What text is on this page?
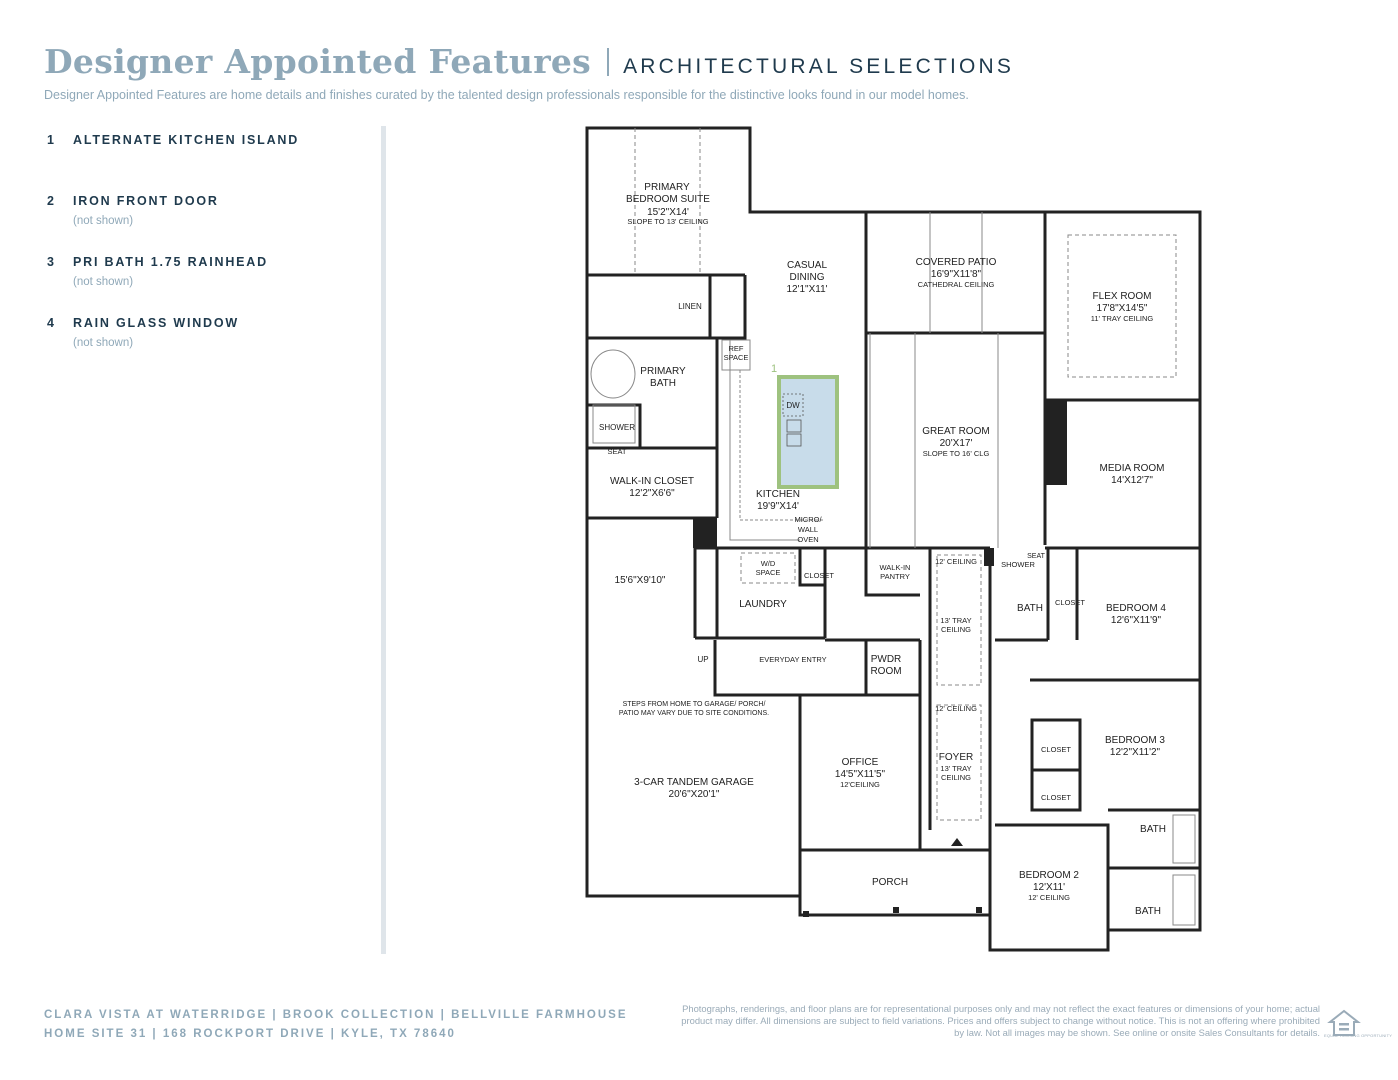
Designer Appointed Features ARCHITECTURAL SELECTIONS
Designer Appointed Features are home details and finishes curated by the talented design professionals responsible for the distinctive looks found in our model homes.
1 ALTERNATE KITCHEN ISLAND
2 IRON FRONT DOOR
(not shown)
3 PRI BATH 1.75 RAINHEAD
(not shown)
4 RAIN GLASS WINDOW
(not shown)
1
PRIMARY
BEDROOM SUITE
15'2"X14'
SLOPE TO 13' CEILING
CASUAL
DINING
12'1"X11'
COVERED PATIO
16'9"X11'8"
CATHEDRAL CEILING
FLEX ROOM
17'8"X14'5"
11' TRAY CEILING
LINEN
REF
SPACE
PRIMARY
BATH
DW
SHOWER
SEAT
GREAT ROOM
20'X17'
SLOPE TO 16' CLG
MEDIA ROOM
14'X12'7"
WALK-IN CLOSET
12'2"X6'6"	KITCHEN
19'9"X14'
MICRO/
WALL
OVEN
15'6"X9'10"
W/D
SPACE	CLOSET
WALK-IN
PANTRY
12' CEILING	SHOWER
SEAT
CLOSET
BATH	BEDROOM 4
12'6"X11'9"
LAUNDRY
13' TRAY
CEILING
UP	EVERYDAY ENTRY	PWDR
ROOM
STEPS FROM HOME TO GARAGE/ PORCH/
PATIO MAY VARY DUE TO SITE CONDITIONS.
12' CEILING
BEDROOM 3
12'2"X11'2"
CLOSET
FOYER
13' TRAY
CEILING
OFFICE
14'5"X11'5"
12'CEILING
3-CAR TANDEM GARAGE
20'6"X20'1"	CLOSET
BATH
PORCH
BEDROOM 2
12'X11'
12' CEILING
BATH
CLARA VISTA AT WATERRIDGE | BROOK COLLECTION | BELLVILLE FARMHOUSE
HOME SITE 31 | 168 ROCKPORT DRIVE | KYLE, TX 78640
Photographs, renderings, and floor plans are for representational purposes only and may not reflect the exact features or dimensions of your home; actual product may differ. All dimensions are subject to field variations. Prices and offers subject to change without notice. This is not an offering where prohibited by law. Not all images may be shown. See online or onsite Sales Consultants for details. EQUAL HOUSING OPPORTUNITY
